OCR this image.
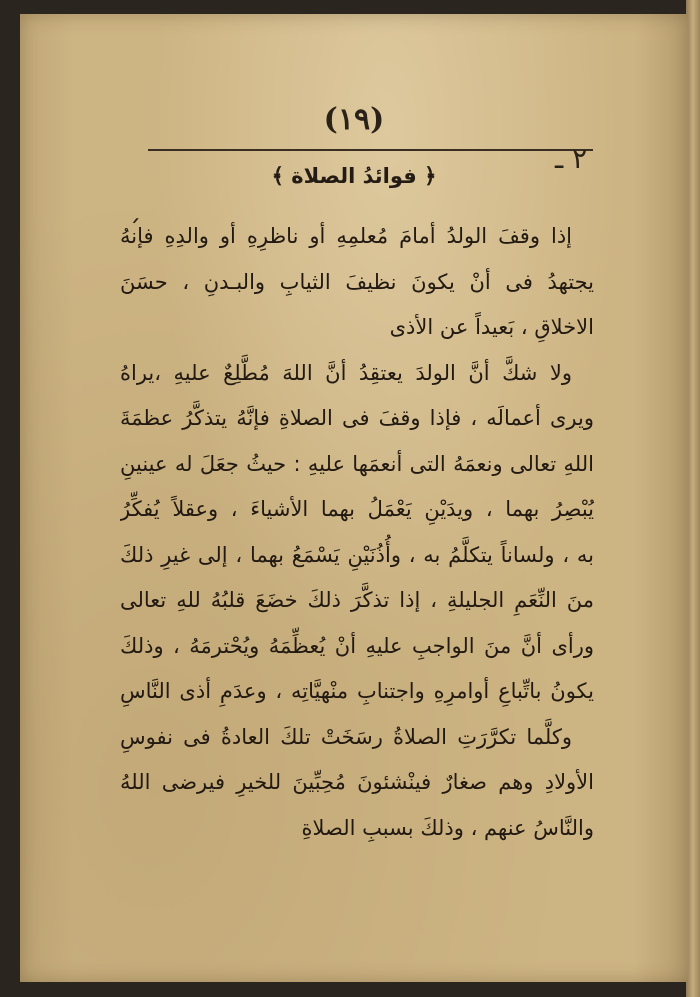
(١٩)
٢ ـ
ˏ
﴿ فوائدُ الصلاة ﴾
إذا وقفَ الولدُ أمامَ مُعلمِهِ أو ناظرِهِ أو والدِهِ فإنهُ
يجتهدُ فى أنْ يكونَ نظيفَ الثيابِ والبـدنِ ، حسَنَ
الاخلاقِ ، بَعيداً عن الأذى
ولا شكَّ أنَّ الولدَ يعتقِدُ أنَّ اللهَ مُطَّلِعٌ عليهِ ،يراهُ
ويرى أعمالَه ، فإذا وقفَ فى الصلاةِ فإنَّهُ يتذكَّرُ عظمَةَ
اللهِ تعالى ونعمَهُ التى أنعمَها عليهِ : حيثُ جعَلَ له عينينِ
يُبْصِرُ بهما ، ويدَيْنِ يَعْمَلُ بهما الأشياءَ ، وعقلاً يُفكِّرُ
به ، ولساناً يتكلَّمُ به ، وأُذُنَيْنِ يَسْمَعُ بهما ، إلى غيرِ ذلكَ
منَ النِّعَمِ الجليلةِ ، إذا تذكَّرَ ذلكَ خضَعَ قلبُهُ للهِ تعالى
ورأى أنَّ منَ الواجبِ عليهِ أنْ يُعظِّمَهُ ويُحْترمَهُ ، وذلكَ
يكونُ باتِّباعِ أوامرِهِ واجتنابِ منْهيَّاتِه ، وعدَمِ أذى النَّاسِ
وكلَّما تكرَّرَتِ الصلاةُ رسَخَتْ تلكَ العادةُ فى نفوسِ
الأولادِ وهم صغارٌ فينْشئونَ مُحِبِّينَ للخيرِ فيرضى اللهُ
والنَّاسُ عنهم ، وذلكَ بسببِ الصلاةِ
